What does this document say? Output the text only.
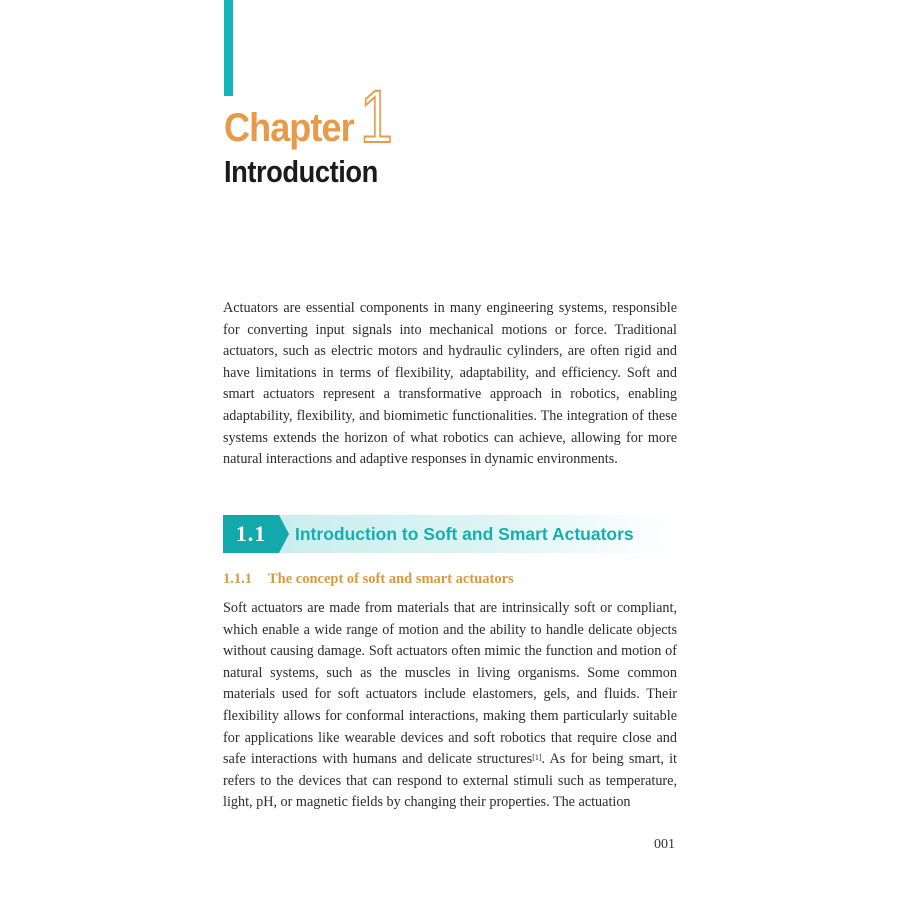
Chapter 1
Introduction
Actuators are essential components in many engineering systems, responsible for converting input signals into mechanical motions or force. Traditional actuators, such as electric motors and hydraulic cylinders, are often rigid and have limitations in terms of flexibility, adaptability, and efficiency. Soft and smart actuators represent a transformative approach in robotics, enabling adaptability, flexibility, and biomimetic functionalities. The integration of these systems extends the horizon of what robotics can achieve, allowing for more natural interactions and adaptive responses in dynamic environments.
1.1	Introduction to Soft and Smart Actuators
1.1.1 The concept of soft and smart actuators
Soft actuators are made from materials that are intrinsically soft or compliant, which enable a wide range of motion and the ability to handle delicate objects without causing damage. Soft actuators often mimic the function and motion of natural systems, such as the muscles in living organisms. Some common materials used for soft actuators include elastomers, gels, and fluids. Their flexibility allows for conformal interactions, making them particularly suitable for applications like wearable devices and soft robotics that require close and safe interactions with humans and delicate structures[1]. As for being smart, it refers to the devices that can respond to external stimuli such as temperature, light, pH, or magnetic fields by changing their properties. The actuation
001
